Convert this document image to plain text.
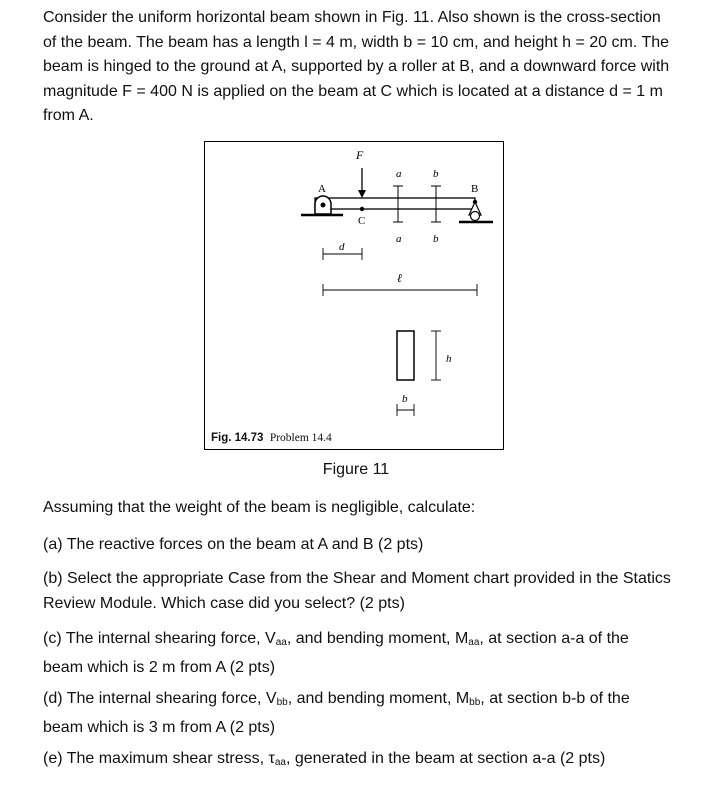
Consider the uniform horizontal beam shown in Fig. 11. Also shown is the cross-section of the beam. The beam has a length l = 4 m, width b = 10 cm, and height h = 20 cm. The beam is hinged to the ground at A, supported by a roller at B, and a downward force with magnitude F = 400 N is applied on the beam at C which is located at a distance d = 1 m from A.

F
a
a
b
b
C
A	B
d
ℓ
h
b
Fig. 14.73 Problem 14.4
Figure 11

Assuming that the weight of the beam is negligible, calculate:

(a) The reactive forces on the beam at A and B (2 pts)

(b) Select the appropriate Case from the Shear and Moment chart provided in the Statics Review Module. Which case did you select? (2 pts)

(c) The internal shearing force, $V_{aa}$, and bending moment, $M_{aa}$, at section a-a of the beam which is 2 m from A (2 pts)

(d) The internal shearing force, $V_{bb}$, and bending moment, $M_{bb}$, at section b-b of the beam which is 3 m from A (2 pts)

(e) The maximum shear stress, $\tau_{aa}$, generated in the beam at section a-a (2 pts)
